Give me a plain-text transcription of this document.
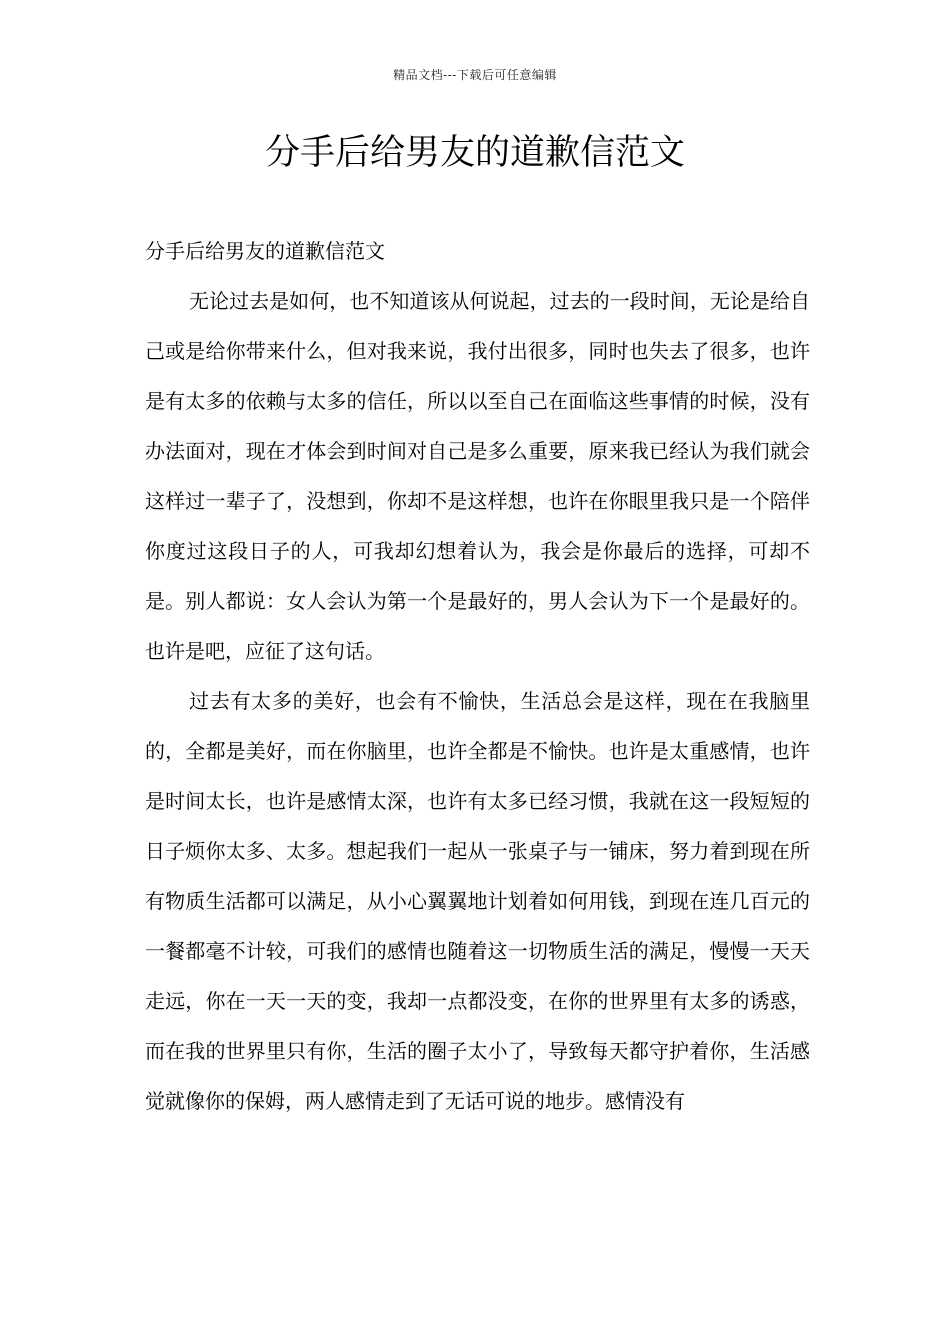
精品文档---下载后可任意编辑
分手后给男友的道歉信范文

分手后给男友的道歉信范文

无论过去是如何，也不知道该从何说起，过去的一段时间，无论是给自己或是给你带来什么，但对我来说，我付出很多，同时也失去了很多，也许是有太多的依赖与太多的信任，所以以至自己在面临这些事情的时候，没有办法面对，现在才体会到时间对自己是多么重要，原来我已经认为我们就会这样过一辈子了，没想到，你却不是这样想，也许在你眼里我只是一个陪伴你度过这段日子的人，可我却幻想着认为，我会是你最后的选择，可却不是。别人都说：女人会认为第一个是最好的，男人会认为下一个是最好的。也许是吧，应征了这句话。

过去有太多的美好，也会有不愉快，生活总会是这样，现在在我脑里的，全都是美好，而在你脑里，也许全都是不愉快。也许是太重感情，也许是时间太长，也许是感情太深，也许有太多已经习惯，我就在这一段短短的日子烦你太多、太多。想起我们一起从一张桌子与一铺床，努力着到现在所有物质生活都可以满足，从小心翼翼地计划着如何用钱，到现在连几百元的一餐都毫不计较，可我们的感情也随着这一切物质生活的满足，慢慢一天天走远，你在一天一天的变，我却一点都没变，在你的世界里有太多的诱惑，而在我的世界里只有你，生活的圈子太小了，导致每天都守护着你，生活感觉就像你的保姆，两人感情走到了无话可说的地步。感情没有
